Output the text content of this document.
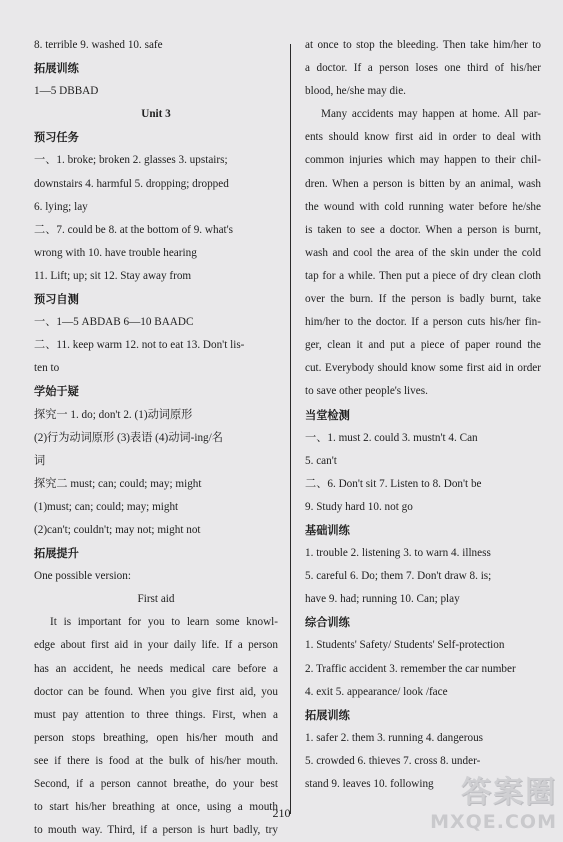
8. terrible 9. washed 10. safe
拓展训练
1—5 DBBAD
Unit 3
预习任务
一、1. broke; broken 2. glasses 3. upstairs;
downstairs 4. harmful 5. dropping; dropped
6. lying; lay
二、7. could be 8. at the bottom of 9. what's
wrong with 10. have trouble hearing
11. Lift; up; sit 12. Stay away from
预习自测
一、1—5 ABDAB 6—10 BAADC
二、11. keep warm 12. not to eat 13. Don't lis-
ten to
学始于疑
探究一 1. do; don't 2. (1)动词原形
(2)行为动词原形 (3)表语 (4)动词-ing/名
词
探究二 must; can; could; may; might
(1)must; can; could; may; might
(2)can't; couldn't; may not; might not
拓展提升
One possible version:
First aid
It is important for you to learn some knowl-
edge about first aid in your daily life. If a person
has an accident, he needs medical care before a
doctor can be found. When you give first aid, you
must pay attention to three things. First, when a
person stops breathing, open his/her mouth and
see if there is food at the bulk of his/her mouth.
Second, if a person cannot breathe, do your best
to start his/her breathing at once, using a mouth
to mouth way. Third, if a person is hurt badly, try
at once to stop the bleeding. Then take him/her to
a doctor. If a person loses one third of his/her
blood, he/she may die.
Many accidents may happen at home. All par-
ents should know first aid in order to deal with
common injuries which may happen to their chil-
dren. When a person is bitten by an animal, wash
the wound with cold running water before he/she
is taken to see a doctor. When a person is burnt,
wash and cool the area of the skin under the cold
tap for a while. Then put a piece of dry clean cloth
over the burn. If the person is badly burnt, take
him/her to the doctor. If a person cuts his/her fin-
ger, clean it and put a piece of paper round the
cut. Everybody should know some first aid in order
to save other people's lives.
当堂检测
一、1. must 2. could 3. mustn't 4. Can
5. can't
二、6. Don't sit 7. Listen to 8. Don't be
9. Study hard 10. not go
基础训练
1. trouble 2. listening 3. to warn 4. illness
5. careful 6. Do; them 7. Don't draw 8. is;
have 9. had; running 10. Can; play
综合训练
1. Students' Safety/ Students' Self-protection
2. Traffic accident 3. remember the car number
4. exit 5. appearance/ look /face
拓展训练
1. safer 2. them 3. running 4. dangerous
5. crowded 6. thieves 7. cross 8. under-
stand 9. leaves 10. following
210
答案圈
MXQE.COM
